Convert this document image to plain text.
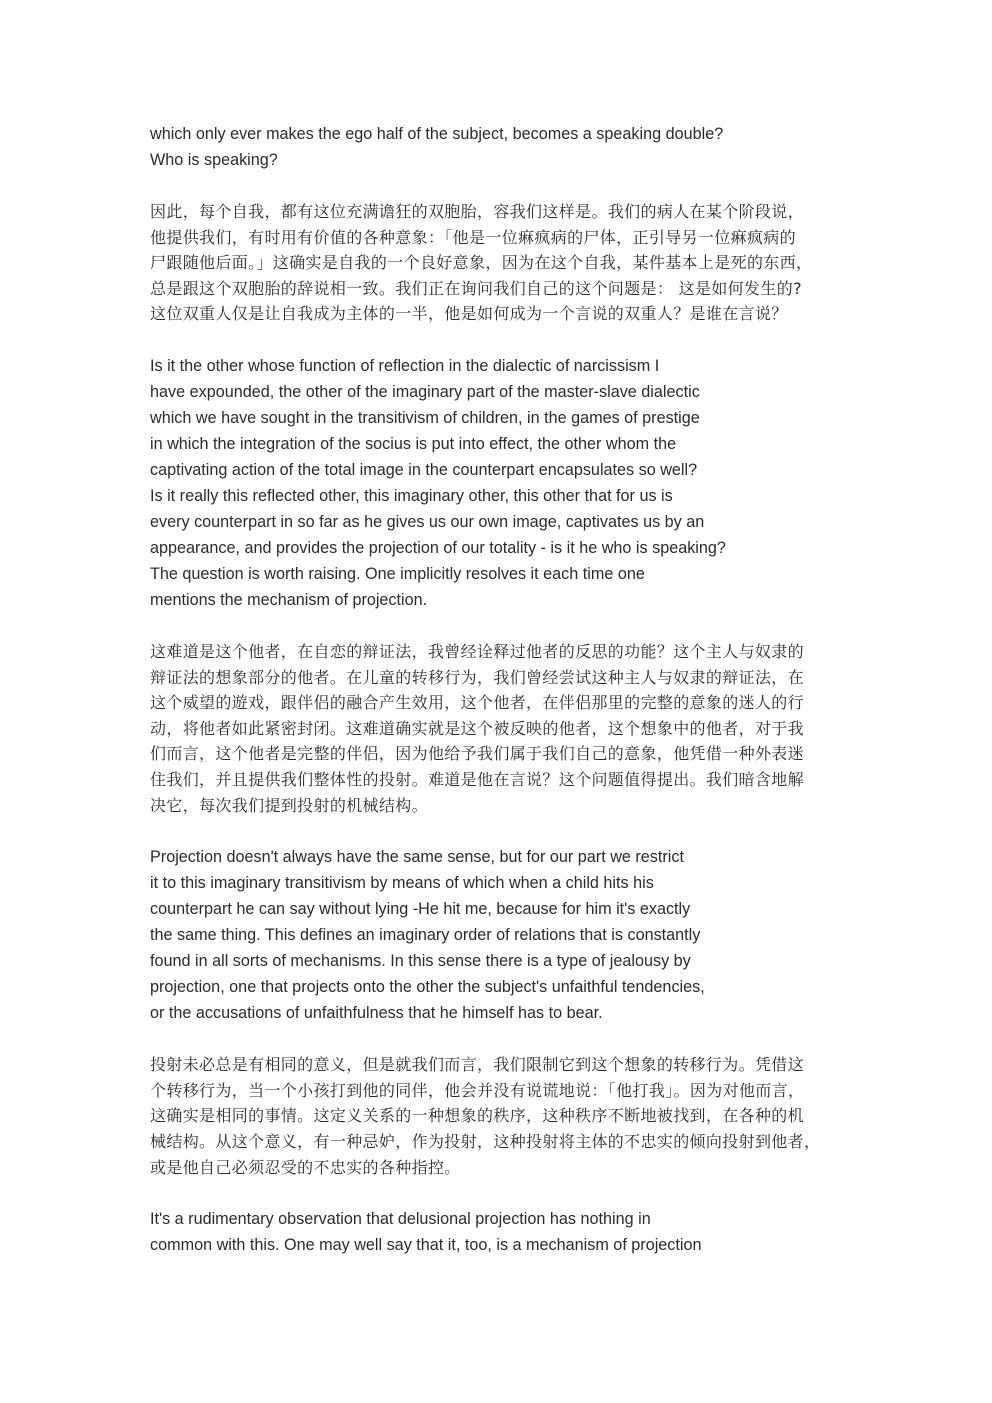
which only ever makes the ego half of the subject, becomes a speaking double?
Who is speaking?
因此，每个自我，都有这位充满谵狂的双胞胎，容我们这样是。我们的病人在某个阶段说，
他提供我们，有时用有价值的各种意象：「他是一位痳疯病的尸体，正引导另一位痳疯病的
尸跟随他后面。」这确实是自我的一个良好意象，因为在这个自我，某件基本上是死的东西，
总是跟这个双胞胎的辞说相一致。我们正在询问我们自己的这个问题是： 这是如何发生的?
这位双重人仅是让自我成为主体的一半，他是如何成为一个言说的双重人？是谁在言说？
Is it the other whose function of reflection in the dialectic of narcissism I
have expounded, the other of the imaginary part of the master-slave dialectic
which we have sought in the transitivism of children, in the games of prestige
in which the integration of the socius is put into effect, the other whom the
captivating action of the total image in the counterpart encapsulates so well?
Is it really this reflected other, this imaginary other, this other that for us is
every counterpart in so far as he gives us our own image, captivates us by an
appearance, and provides the projection of our totality - is it he who is speaking?
The question is worth raising. One implicitly resolves it each time one
mentions the mechanism of projection.
这难道是这个他者，在自恋的辩证法，我曾经诠释过他者的反思的功能？这个主人与奴隶的
辩证法的想象部分的他者。在儿童的转移行为，我们曾经尝试这种主人与奴隶的辩证法，在
这个威望的遊戏，跟伴侣的融合产生效用，这个他者，在伴侣那里的完整的意象的迷人的行
动，将他者如此紧密封闭。这难道确实就是这个被反映的他者，这个想象中的他者，对于我
们而言，这个他者是完整的伴侣，因为他给予我们属于我们自己的意象，他凭借一种外表迷
住我们，并且提供我们整体性的投射。难道是他在言说？这个问题值得提出。我们暗含地解
决它，每次我们提到投射的机械结构。
Projection doesn't always have the same sense, but for our part we restrict
it to this imaginary transitivism by means of which when a child hits his
counterpart he can say without lying -He hit me, because for him it's exactly
the same thing. This defines an imaginary order of relations that is constantly
found in all sorts of mechanisms. In this sense there is a type of jealousy by
projection, one that projects onto the other the subject's unfaithful tendencies,
or the accusations of unfaithfulness that he himself has to bear.
投射未必总是有相同的意义，但是就我们而言，我们限制它到这个想象的转移行为。凭借这
个转移行为，当一个小孩打到他的同伴，他会并没有说谎地说：「他打我」。因为对他而言，
这确实是相同的事情。这定义关系的一种想象的秩序，这种秩序不断地被找到，在各种的机
械结构。从这个意义，有一种忌妒，作为投射，这种投射将主体的不忠实的倾向投射到他者，
或是他自己必须忍受的不忠实的各种指控。
It's a rudimentary observation that delusional projection has nothing in
common with this. One may well say that it, too, is a mechanism of projection
